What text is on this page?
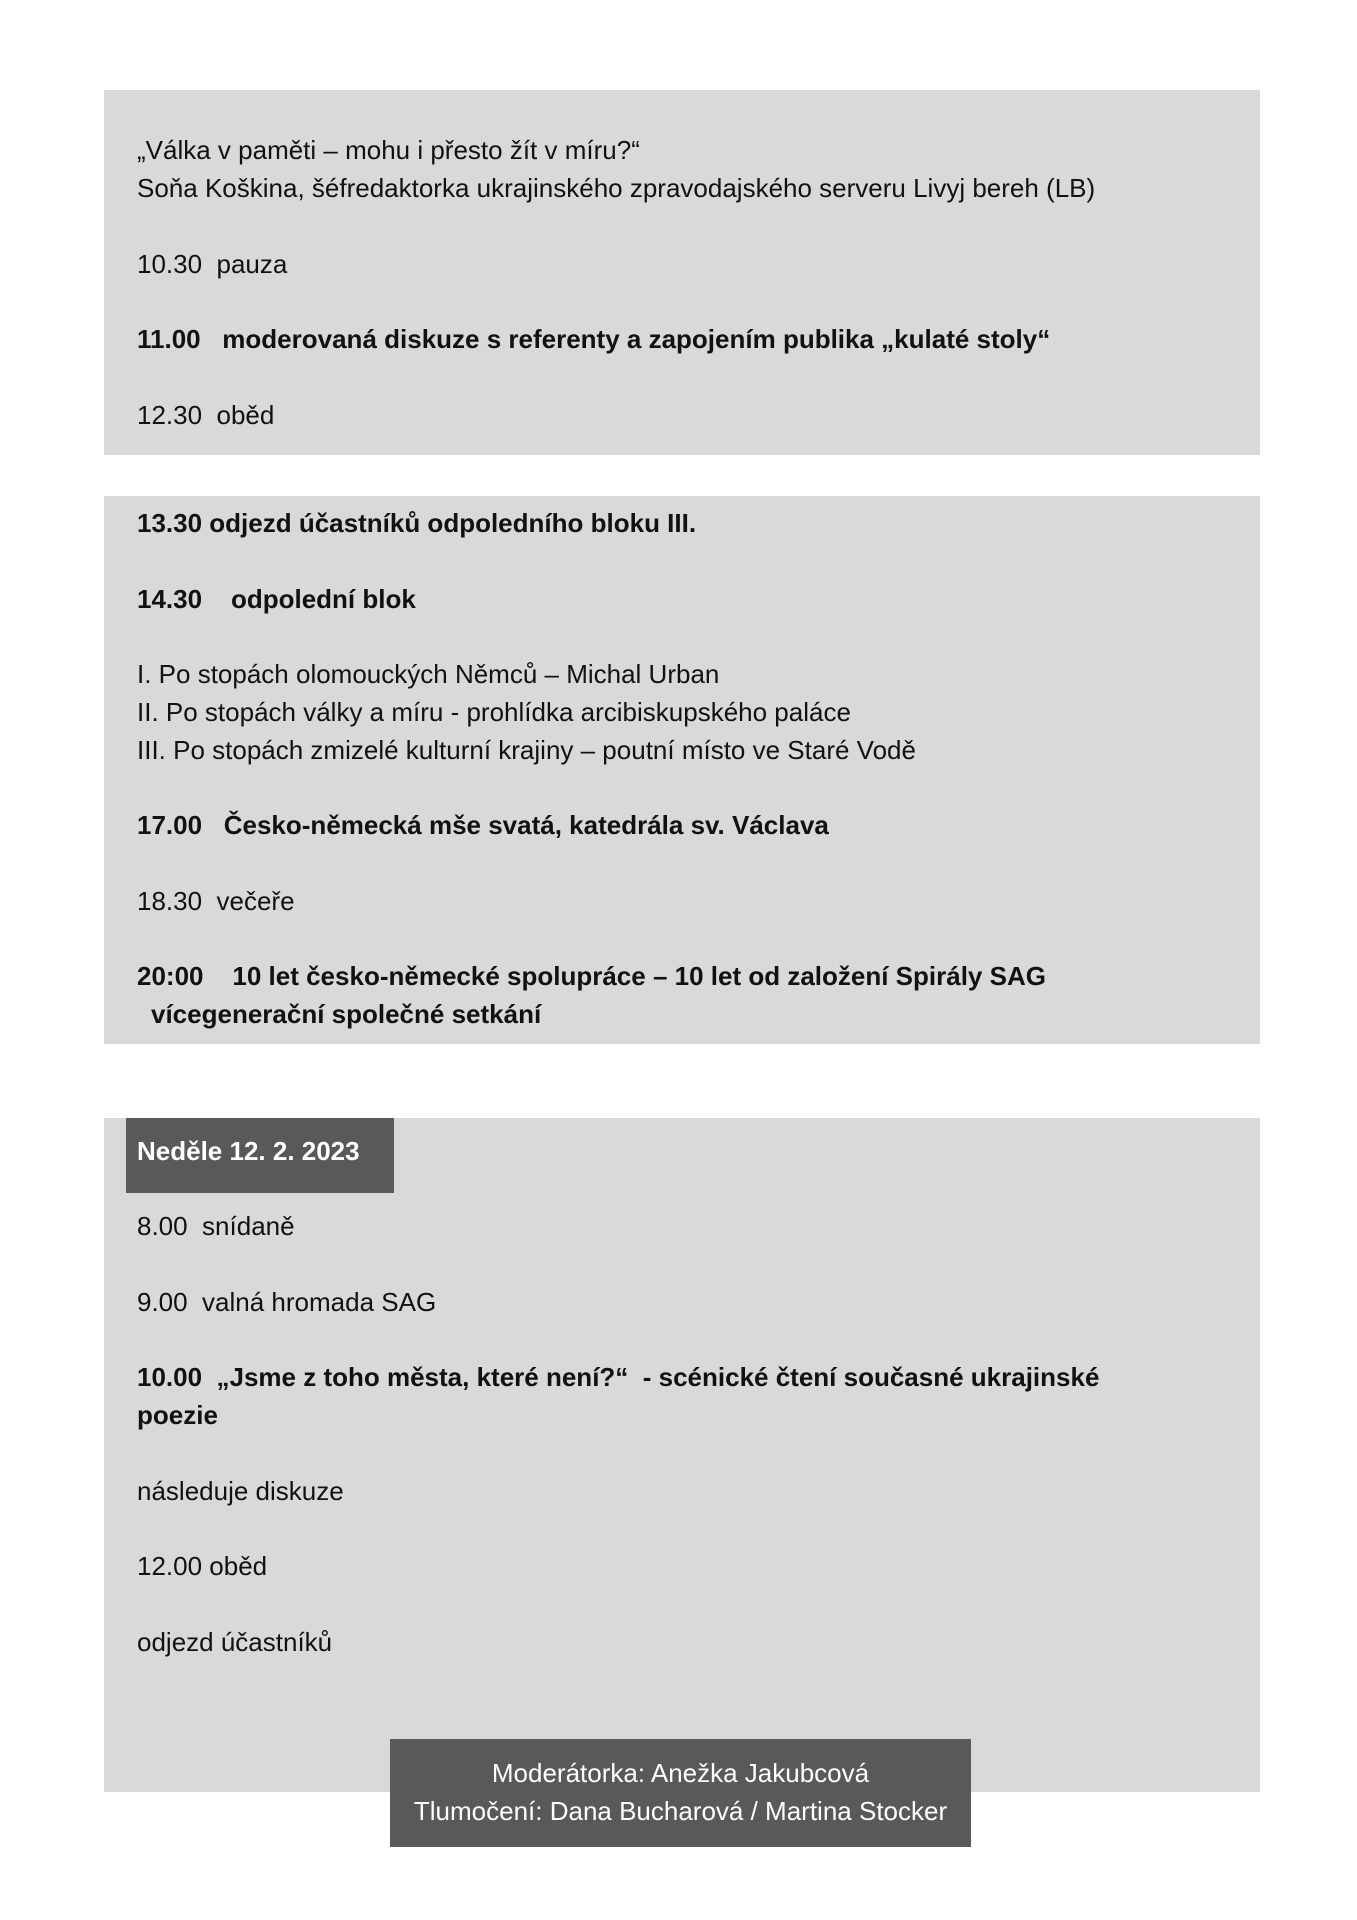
„Válka v paměti – mohu i přesto žít v míru?“

Soňa Koškina, šéfredaktorka ukrajinského zpravodajského serveru Livyj bereh (LB)

10.30  pauza

11.00   moderovaná diskuze s referenty a zapojením publika „kulaté stoly“

12.30  oběd

13.30 odjezd účastníků odpoledního bloku III.

14.30    odpolední blok

I. Po stopách olomouckých Němců – Michal Urban

II. Po stopách války a míru - prohlídka arcibiskupského paláce

III. Po stopách zmizelé kulturní krajiny – poutní místo ve Staré Vodě

17.00   Česko-německá mše svatá, katedrála sv. Václava

18.30  večeře

20:00    10 let česko-německé spolupráce – 10 let od založení Spirály SAG

vícegenerační společné setkání

Neděle 12. 2. 2023

8.00  snídaně

9.00  valná hromada SAG

10.00  „Jsme z toho města, které není?“  - scénické čtení současné ukrajinské

poezie

následuje diskuze

12.00 oběd

odjezd účastníků

Moderátorka: Anežka Jakubcová
Tlumočení: Dana Bucharová / Martina Stocker
